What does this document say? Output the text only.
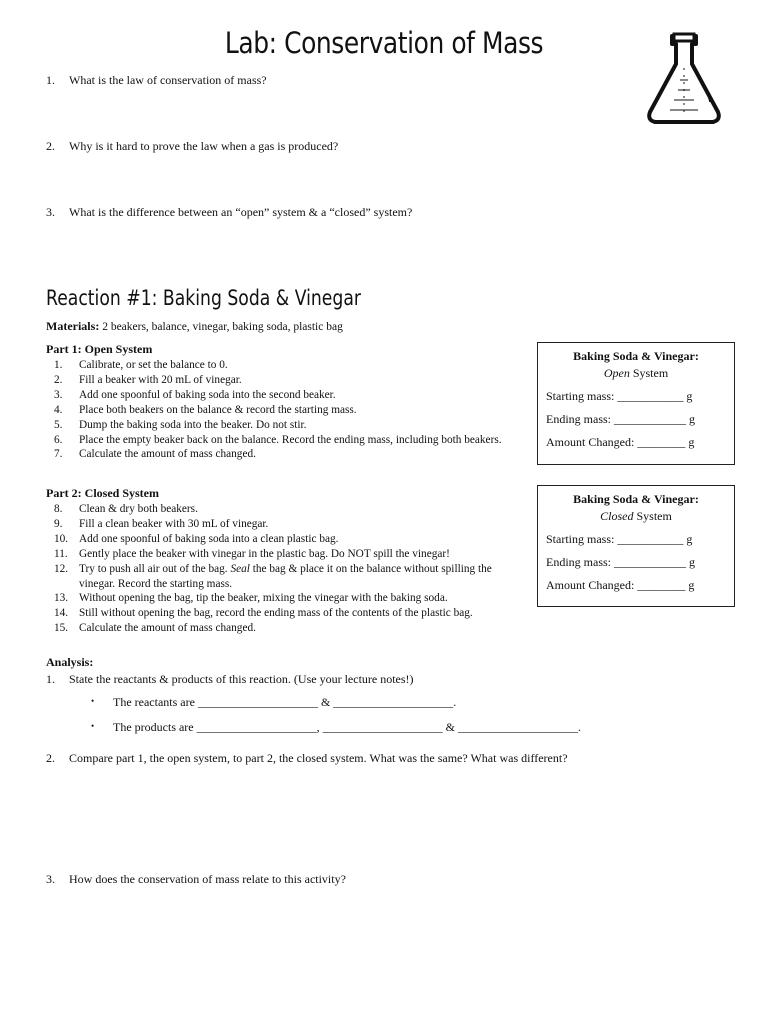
Lab: Conservation of Mass
1. What is the law of conservation of mass?
2. Why is it hard to prove the law when a gas is produced?
3. What is the difference between an “open” system & a “closed” system?
Reaction #1: Baking Soda & Vinegar
Materials: 2 beakers, balance, vinegar, baking soda, plastic bag
Part 1: Open System
1.	Calibrate, or set the balance to 0.
2.	Fill a beaker with 20 mL of vinegar.
3.	Add one spoonful of baking soda into the second beaker.
4.	Place both beakers on the balance & record the starting mass.
5.	Dump the baking soda into the beaker. Do not stir.
6.	Place the empty beaker back on the balance. Record the ending mass, including both beakers.
7.	Calculate the amount of mass changed.
Part 2: Closed System
8.	Clean & dry both beakers.
9.	Fill a clean beaker with 30 mL of vinegar.
10. Add one spoonful of baking soda into a clean plastic bag.
11. Gently place the beaker with vinegar in the plastic bag. Do NOT spill the vinegar!
12. Try to push all air out of the bag. Seal the bag & place it on the balance without spilling the vinegar. Record the starting mass.
13. Without opening the bag, tip the beaker, mixing the vinegar with the baking soda.
14. Still without opening the bag, record the ending mass of the contents of the plastic bag.
15. Calculate the amount of mass changed.
Baking Soda & Vinegar:
Open System
Starting mass: ___________ g
Ending mass: ____________ g
Amount Changed: ________ g
Baking Soda & Vinegar:
Closed System
Starting mass: ___________ g
Ending mass: ____________ g
Amount Changed: ________ g
Analysis:
1. State the reactants & products of this reaction. (Use your lecture notes!)
• The reactants are ____________________ & ____________________.
• The products are ____________________, ____________________ & ____________________.
2. Compare part 1, the open system, to part 2, the closed system. What was the same? What was different?
3. How does the conservation of mass relate to this activity?
